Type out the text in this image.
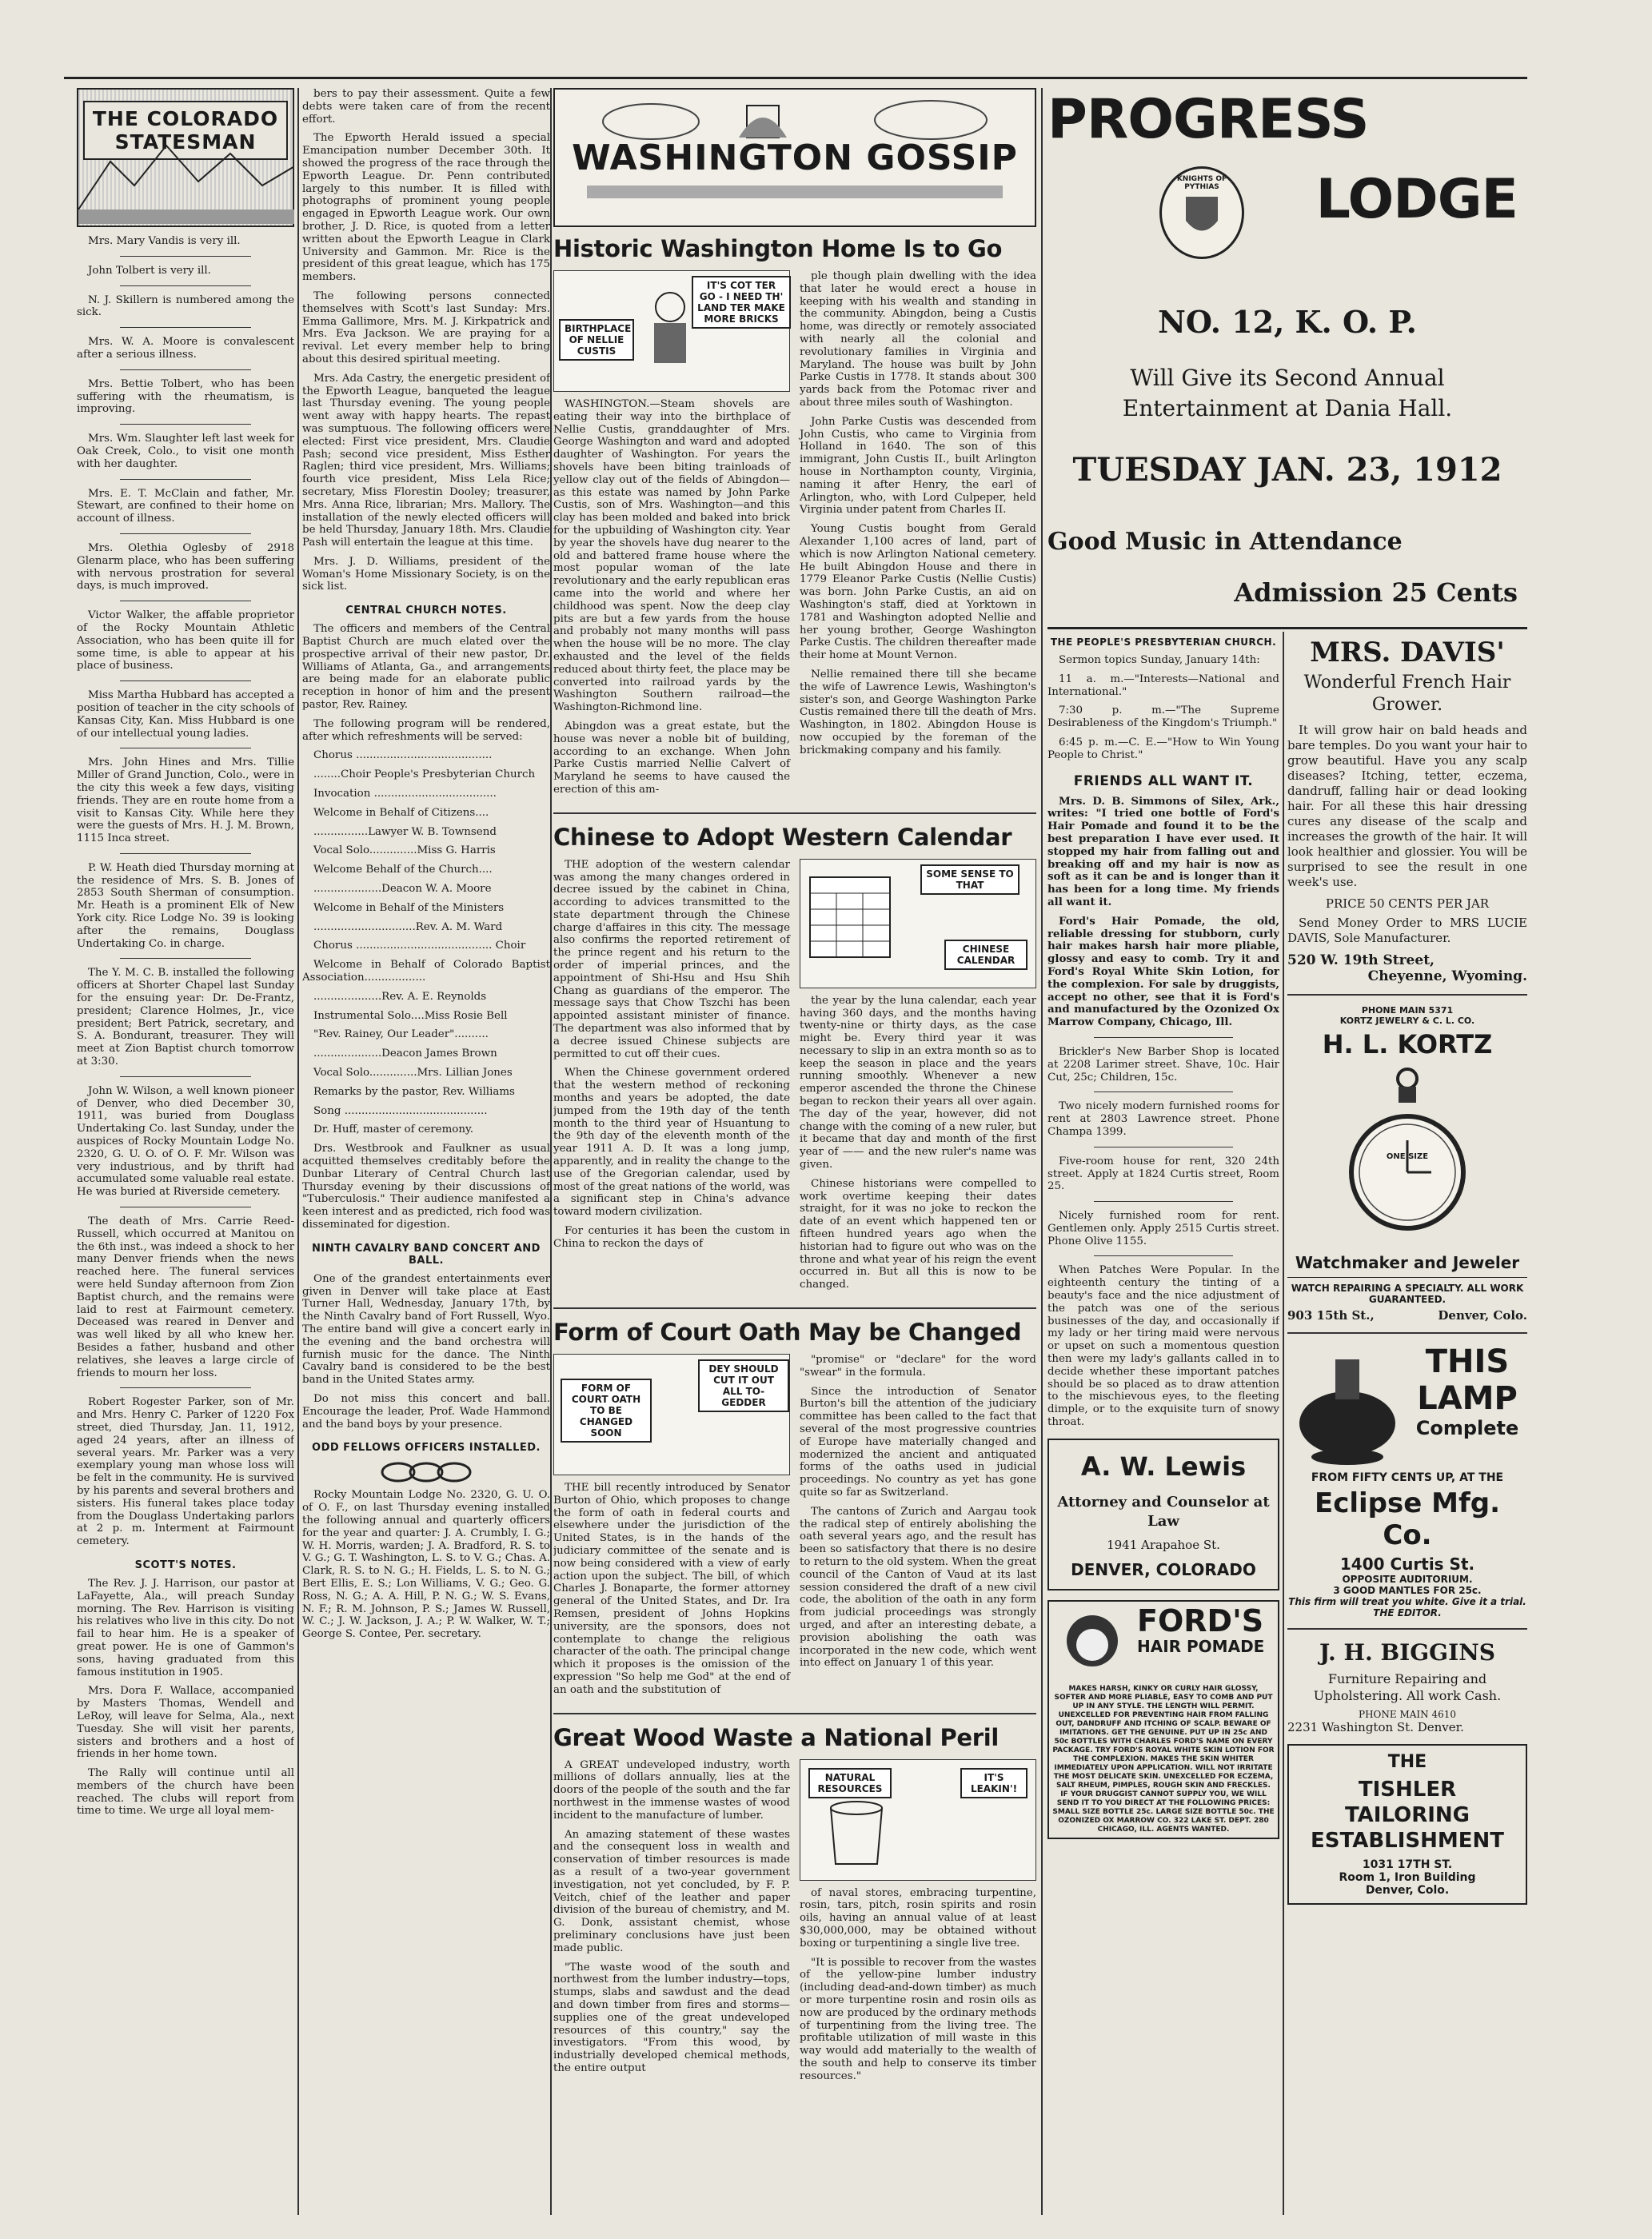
THE COLORADO STATESMAN

Mrs. Mary Vandis is very ill.

John Tolbert is very ill.

N. J. Skillern is numbered among the sick.

Mrs. W. A. Moore is convalescent after a serious illness.

Mrs. Bettie Tolbert, who has been suffering with the rheumatism, is improving.

Mrs. Wm. Slaughter left last week for Oak Creek, Colo., to visit one month with her daughter.

Mrs. E. T. McClain and father, Mr. Stewart, are confined to their home on account of illness.

Mrs. Olethia Oglesby of 2918 Glenarm place, who has been suffering with nervous prostration for several days, is much improved.

Victor Walker, the affable proprietor of the Rocky Mountain Athletic Association, who has been quite ill for some time, is able to appear at his place of business.

Miss Martha Hubbard has accepted a position of teacher in the city schools of Kansas City, Kan. Miss Hubbard is one of our intellectual young ladies.

Mrs. John Hines and Mrs. Tillie Miller of Grand Junction, Colo., were in the city this week a few days, visiting friends. They are en route home from a visit to Kansas City. While here they were the guests of Mrs. H. J. M. Brown, 1115 Inca street.

P. W. Heath died Thursday morning at the residence of Mrs. S. B. Jones of 2853 South Sherman of consumption. Mr. Heath is a prominent Elk of New York city. Rice Lodge No. 39 is looking after the remains, Douglass Undertaking Co. in charge.

The Y. M. C. B. installed the following officers at Shorter Chapel last Sunday for the ensuing year: Dr. De-Frantz, president; Clarence Holmes, Jr., vice president; Bert Patrick, secretary, and S. A. Bondurant, treasurer. They will meet at Zion Baptist church tomorrow at 3:30.

John W. Wilson, a well known pioneer of Denver, who died December 30, 1911, was buried from Douglass Undertaking Co. last Sunday, under the auspices of Rocky Mountain Lodge No. 2320, G. U. O. of O. F. Mr. Wilson was very industrious, and by thrift had accumulated some valuable real estate. He was buried at Riverside cemetery.

The death of Mrs. Carrie Reed-Russell, which occurred at Manitou on the 6th inst., was indeed a shock to her many Denver friends when the news reached here. The funeral services were held Sunday afternoon from Zion Baptist church, and the remains were laid to rest at Fairmount cemetery. Deceased was reared in Denver and was well liked by all who knew her. Besides a father, husband and other relatives, she leaves a large circle of friends to mourn her loss.

Robert Rogester Parker, son of Mr. and Mrs. Henry C. Parker of 1220 Fox street, died Thursday, Jan. 11, 1912, aged 24 years, after an illness of several years. Mr. Parker was a very exemplary young man whose loss will be felt in the community. He is survived by his parents and several brothers and sisters. His funeral takes place today from the Douglass Undertaking parlors at 2 p. m. Interment at Fairmount cemetery.

SCOTT'S NOTES.

The Rev. J. J. Harrison, our pastor at LaFayette, Ala., will preach Sunday morning. The Rev. Harrison is visiting his relatives who live in this city. Do not fail to hear him. He is a speaker of great power. He is one of Gammon's sons, having graduated from this famous institution in 1905.

Mrs. Dora F. Wallace, accompanied by Masters Thomas, Wendell and LeRoy, will leave for Selma, Ala., next Tuesday. She will visit her parents, sisters and brothers and a host of friends in her home town.

The Rally will continue until all members of the church have been reached. The clubs will report from time to time. We urge all loyal mem-

bers to pay their assessment. Quite a few debts were taken care of from the recent effort.

The Epworth Herald issued a special Emancipation number December 30th. It showed the progress of the race through the Epworth League. Dr. Penn contributed largely to this number. It is filled with photographs of prominent young people engaged in Epworth League work. Our own brother, J. D. Rice, is quoted from a letter written about the Epworth League in Clark University and Gammon. Mr. Rice is the president of this great league, which has 175 members.

The following persons connected themselves with Scott's last Sunday: Mrs. Emma Gallimore, Mrs. M. J. Kirkpatrick and Mrs. Eva Jackson. We are praying for a revival. Let every member help to bring about this desired spiritual meeting.

Mrs. Ada Castry, the energetic president of the Epworth League, banqueted the league last Thursday evening. The young people went away with happy hearts. The repast was sumptuous. The following officers were elected: First vice president, Mrs. Claudie Pash; second vice president, Miss Esther Raglen; third vice president, Mrs. Williams; fourth vice president, Miss Lela Rice; secretary, Miss Florestin Dooley; treasurer, Mrs. Anna Rice, librarian; Mrs. Mallory. The installation of the newly elected officers will be held Thursday, January 18th. Mrs. Claudie Pash will entertain the league at this time.

Mrs. J. D. Williams, president of the Woman's Home Missionary Society, is on the sick list.

CENTRAL CHURCH NOTES.

The officers and members of the Central Baptist Church are much elated over the prospective arrival of their new pastor, Dr. Williams of Atlanta, Ga., and arrangements are being made for an elaborate public reception in honor of him and the present pastor, Rev. Rainey.

The following program will be rendered, after which refreshments will be served:

Chorus ........................................

........Choir People's Presbyterian Church

Invocation ....................................

Welcome in Behalf of Citizens....

................Lawyer W. B. Townsend

Vocal Solo..............Miss G. Harris

Welcome Behalf of the Church....

....................Deacon W. A. Moore

Welcome in Behalf of the Ministers

..............................Rev. A. M. Ward

Chorus ........................................ Choir

Welcome in Behalf of Colorado Baptist Association..................

....................Rev. A. E. Reynolds

Instrumental Solo....Miss Rosie Bell

"Rev. Rainey, Our Leader"..........

....................Deacon James Brown

Vocal Solo..............Mrs. Lillian Jones

Remarks by the pastor, Rev. Williams

Song ..........................................

Dr. Huff, master of ceremony.

Drs. Westbrook and Faulkner as usual acquitted themselves creditably before the Dunbar Literary of Central Church last Thursday evening by their discussions of "Tuberculosis." Their audience manifested a keen interest and as predicted, rich food was disseminated for digestion.

NINTH CAVALRY BAND CONCERT AND BALL.

One of the grandest entertainments ever given in Denver will take place at East Turner Hall, Wednesday, January 17th, by the Ninth Cavalry band of Fort Russell, Wyo. The entire band will give a concert early in the evening and the band orchestra will furnish music for the dance. The Ninth Cavalry band is considered to be the best band in the United States army.

Do not miss this concert and ball. Encourage the leader, Prof. Wade Hammond and the band boys by your presence.

ODD FELLOWS OFFICERS INSTALLED.

Rocky Mountain Lodge No. 2320, G. U. O. of O. F., on last Thursday evening installed the following annual and quarterly officers for the year and quarter: J. A. Crumbly, I. G.; W. H. Morris, warden; J. A. Bradford, R. S. to V. G.; G. T. Washington, L. S. to V. G.; Chas. A. Clark, R. S. to N. G.; H. Fields, L. S. to N. G.; Bert Ellis, E. S.; Lon Williams, V. G.; Geo. G. Ross, N. G.; A. A. Hill, P. N. G.; W. S. Evans, N. F.; R. M. Johnson, P. S.; James W. Russell, W. C.; J. W. Jackson, J. A.; P. W. Walker, W. T.; George S. Contee, Per. secretary.

WASHINGTON GOSSIP
Historic Washington Home Is to Go
BIRTHPLACE OF NELLIE CUSTIS
IT'S COT TER GO - I NEED TH' LAND TER MAKE MORE BRICKS

WASHINGTON.—Steam shovels are eating their way into the birthplace of Nellie Custis, granddaughter of Mrs. George Washington and ward and adopted daughter of Washington. For years the shovels have been biting trainloads of yellow clay out of the fields of Abingdon—as this estate was named by John Parke Custis, son of Mrs. Washington—and this clay has been molded and baked into brick for the upbuilding of Washington city. Year by year the shovels have dug nearer to the old and battered frame house where the most popular woman of the late revolutionary and the early republican eras came into the world and where her childhood was spent. Now the deep clay pits are but a few yards from the house and probably not many months will pass when the house will be no more. The clay exhausted and the level of the fields reduced about thirty feet, the place may be converted into railroad yards by the Washington Southern railroad—the Washington-Richmond line.

Abingdon was a great estate, but the house was never a noble bit of building, according to an exchange. When John Parke Custis married Nellie Calvert of Maryland he seems to have caused the erection of this am-

ple though plain dwelling with the idea that later he would erect a house in keeping with his wealth and standing in the community. Abingdon, being a Custis home, was directly or remotely associated with nearly all the colonial and revolutionary families in Virginia and Maryland. The house was built by John Parke Custis in 1778. It stands about 300 yards back from the Potomac river and about three miles south of Washington.

John Parke Custis was descended from John Custis, who came to Virginia from Holland in 1640. The son of this immigrant, John Custis II., built Arlington house in Northampton county, Virginia, naming it after Henry, the earl of Arlington, who, with Lord Culpeper, held Virginia under patent from Charles II.

Young Custis bought from Gerald Alexander 1,100 acres of land, part of which is now Arlington National cemetery. He built Abingdon House and there in 1779 Eleanor Parke Custis (Nellie Custis) was born. John Parke Custis, an aid on Washington's staff, died at Yorktown in 1781 and Washington adopted Nellie and her young brother, George Washington Parke Custis. The children thereafter made their home at Mount Vernon.

Nellie remained there till she became the wife of Lawrence Lewis, Washington's sister's son, and George Washington Parke Custis remained there till the death of Mrs. Washington, in 1802. Abingdon House is now occupied by the foreman of the brickmaking company and his family.

Chinese to Adopt Western Calendar

THE adoption of the western calendar was among the many changes ordered in decree issued by the cabinet in China, according to advices transmitted to the state department through the Chinese charge d'affaires in this city. The message also confirms the reported retirement of the prince regent and his return to the order of imperial princes, and the appointment of Shi-Hsu and Hsu Shih Chang as guardians of the emperor. The message says that Chow Tszchi has been appointed assistant minister of finance. The department was also informed that by a decree issued Chinese subjects are permitted to cut off their cues.

When the Chinese government ordered that the western method of reckoning months and years be adopted, the date jumped from the 19th day of the tenth month to the third year of Hsuantung to the 9th day of the eleventh month of the year 1911 A. D. It was a long jump, apparently, and in reality the change to the use of the Gregorian calendar, used by most of the great nations of the world, was a significant step in China's advance toward modern civilization.

For centuries it has been the custom in China to reckon the days of

SOME SENSE TO THAT
CHINESE CALENDAR

the year by the luna calendar, each year having 360 days, and the months having twenty-nine or thirty days, as the case might be. Every third year it was necessary to slip in an extra month so as to keep the season in place and the years running smoothly. Whenever a new emperor ascended the throne the Chinese began to reckon their years all over again. The day of the year, however, did not change with the coming of a new ruler, but it became that day and month of the first year of —— and the new ruler's name was given.

Chinese historians were compelled to work overtime keeping their dates straight, for it was no joke to reckon the date of an event which happened ten or fifteen hundred years ago when the historian had to figure out who was on the throne and what year of his reign the event occurred in. But all this is now to be changed.

Form of Court Oath May be Changed
FORM OF COURT OATH TO BE CHANGED SOON
DEY SHOULD CUT IT OUT ALL TO-GEDDER

THE bill recently introduced by Senator Burton of Ohio, which proposes to change the form of oath in federal courts and elsewhere under the jurisdiction of the United States, is in the hands of the judiciary committee of the senate and is now being considered with a view of early action upon the subject. The bill, of which Charles J. Bonaparte, the former attorney general of the United States, and Dr. Ira Remsen, president of Johns Hopkins university, are the sponsors, does not contemplate to change the religious character of the oath. The principal change which it proposes is the omission of the expression "So help me God" at the end of an oath and the substitution of

"promise" or "declare" for the word "swear" in the formula.

Since the introduction of Senator Burton's bill the attention of the judiciary committee has been called to the fact that several of the most progressive countries of Europe have materially changed and modernized the ancient and antiquated forms of the oaths used in judicial proceedings. No country as yet has gone quite so far as Switzerland.

The cantons of Zurich and Aargau took the radical step of entirely abolishing the oath several years ago, and the result has been so satisfactory that there is no desire to return to the old system. When the great council of the Canton of Vaud at its last session considered the draft of a new civil code, the abolition of the oath in any form from judicial proceedings was strongly urged, and after an interesting debate, a provision abolishing the oath was incorporated in the new code, which went into effect on January 1 of this year.

Great Wood Waste a National Peril

A GREAT undeveloped industry, worth millions of dollars annually, lies at the doors of the people of the south and the far northwest in the immense wastes of wood incident to the manufacture of lumber.

An amazing statement of these wastes and the consequent loss in wealth and conservation of timber resources is made as a result of a two-year government investigation, not yet concluded, by F. P. Veitch, chief of the leather and paper division of the bureau of chemistry, and M. G. Donk, assistant chemist, whose preliminary conclusions have just been made public.

"The waste wood of the south and northwest from the lumber industry—tops, stumps, slabs and sawdust and the dead and down timber from fires and storms—supplies one of the great undeveloped resources of this country," say the investigators. "From this wood, by industrially developed chemical methods, the entire output

NATURAL RESOURCES
IT'S LEAKIN'!

of naval stores, embracing turpentine, rosin, tars, pitch, rosin spirits and rosin oils, having an annual value of at least $30,000,000, may be obtained without boxing or turpentining a single live tree.

"It is possible to recover from the wastes of the yellow-pine lumber industry (including dead-and-down timber) as much or more turpentine rosin and rosin oils as now are produced by the ordinary methods of turpentining from the living tree. The profitable utilization of mill waste in this way would add materially to the wealth of the south and help to conserve its timber resources."

PROGRESS
KNIGHTS OF PYTHIAS	LODGE
NO. 12, K. O. P.
Will Give its Second Annual Entertainment at Dania Hall.
TUESDAY JAN. 23, 1912
Good Music in Attendance
Admission 25 Cents
THE PEOPLE'S PRESBYTERIAN CHURCH.

Sermon topics Sunday, January 14th:

11 a. m.—"Interests—National and International."

7:30 p. m.—"The Supreme Desirableness of the Kingdom's Triumph."

6:45 p. m.—C. E.—"How to Win Young People to Christ."

FRIENDS ALL WANT IT.

Mrs. D. B. Simmons of Silex, Ark., writes: "I tried one bottle of Ford's Hair Pomade and found it to be the best preparation I have ever used. It stopped my hair from falling out and breaking off and my hair is now as soft as it can be and is longer than it has been for a long time. My friends all want it.

Ford's Hair Pomade, the old, reliable dressing for stubborn, curly hair makes harsh hair more pliable, glossy and easy to comb. Try it and Ford's Royal White Skin Lotion, for the complexion. For sale by druggists, accept no other, see that it is Ford's and manufactured by the Ozonized Ox Marrow Company, Chicago, Ill.

Brickler's New Barber Shop is located at 2208 Larimer street. Shave, 10c. Hair Cut, 25c; Children, 15c.

Two nicely modern furnished rooms for rent at 2803 Lawrence street. Phone Champa 1399.

Five-room house for rent, 320 24th street. Apply at 1824 Curtis street, Room 25.

Nicely furnished room for rent. Gentlemen only. Apply 2515 Curtis street. Phone Olive 1155.

When Patches Were Popular. In the eighteenth century the tinting of a beauty's face and the nice adjustment of the patch was one of the serious businesses of the day, and occasionally if my lady or her tiring maid were nervous or upset on such a momentous question then were my lady's gallants called in to decide whether these important patches should be so placed as to draw attention to the mischievous eyes, to the fleeting dimple, or to the exquisite turn of snowy throat.

A. W. Lewis
Attorney and Counselor at Law
1941 Arapahoe St.
DENVER, COLORADO
FORD'S
HAIR POMADE
MAKES HARSH, KINKY OR CURLY HAIR GLOSSY, SOFTER AND MORE PLIABLE, EASY TO COMB AND PUT UP IN ANY STYLE. THE LENGTH WILL PERMIT. UNEXCELLED FOR PREVENTING HAIR FROM FALLING OUT, DANDRUFF AND ITCHING OF SCALP. BEWARE OF IMITATIONS. GET THE GENUINE. PUT UP IN 25c AND 50c BOTTLES WITH CHARLES FORD'S NAME ON EVERY PACKAGE. TRY FORD'S ROYAL WHITE SKIN LOTION FOR THE COMPLEXION. MAKES THE SKIN WHITER IMMEDIATELY UPON APPLICATION. WILL NOT IRRITATE THE MOST DELICATE SKIN. UNEXCELLED FOR ECZEMA, SALT RHEUM, PIMPLES, ROUGH SKIN AND FRECKLES. IF YOUR DRUGGIST CANNOT SUPPLY YOU, WE WILL SEND IT TO YOU DIRECT AT THE FOLLOWING PRICES: SMALL SIZE BOTTLE 25c. LARGE SIZE BOTTLE 50c. THE OZONIZED OX MARROW CO. 322 LAKE ST. DEPT. 280 CHICAGO, ILL. AGENTS WANTED.
MRS. DAVIS'
Wonderful French Hair Grower.

It will grow hair on bald heads and bare temples. Do you want your hair to grow beautiful. Have you any scalp diseases? Itching, tetter, eczema, dandruff, falling hair or dead looking hair. For all these this hair dressing cures any disease of the scalp and increases the growth of the hair. It will look healthier and glossier. You will be surprised to see the result in one week's use.

PRICE 50 CENTS PER JAR

Send Money Order to MRS LUCIE DAVIS, Sole Manufacturer.

520 W. 19th Street,
Cheyenne, Wyoming.
PHONE MAIN 5371
KORTZ JEWELRY & C. L. CO.
H. L. KORTZ
ONE SIZE
Watchmaker and Jeweler
WATCH REPAIRING A SPECIALTY. ALL WORK GUARANTEED.
903 15th St.,	Denver, Colo.
THIS
LAMP
Complete
FROM FIFTY CENTS UP, AT THE
Eclipse Mfg. Co.
1400 Curtis St.
OPPOSITE AUDITORIUM.
3 GOOD MANTLES FOR 25c.
This firm will treat you white. Give it a trial. THE EDITOR.
J. H. BIGGINS
Furniture Repairing and Upholstering. All work Cash.
PHONE MAIN 4610
2231 Washington St. Denver.
THE
TISHLER TAILORING ESTABLISHMENT
1031 17TH ST.
Room 1, Iron Building
Denver, Colo.
